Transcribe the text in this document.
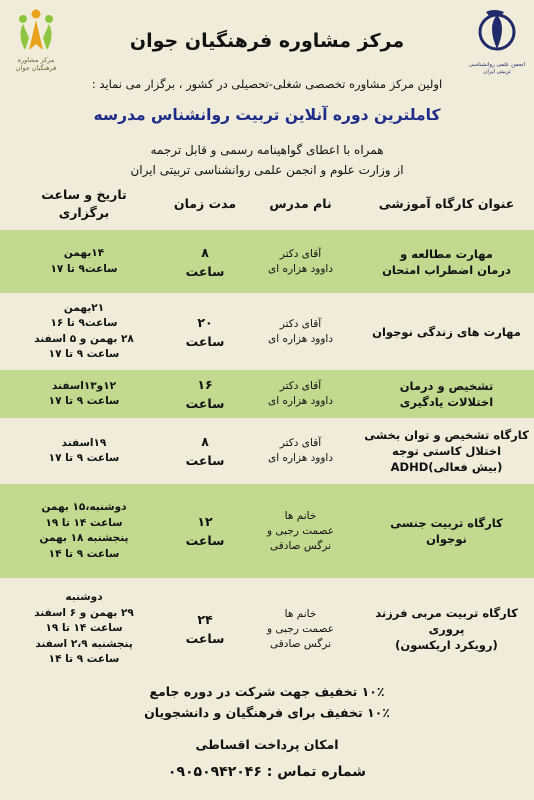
مرکز مشاوره فرهنگیان جوان	انجمن علمی روانشناسی تربیتی ایران
مرکز مشاوره فرهنگیان جوان
اولین مرکز مشاوره تخصصی شغلی-تحصیلی در کشور ، برگزار می نماید :
کاملترین دوره آنلاین تربیت روانشناس مدرسه
همراه با اعطای گواهینامه رسمی و قابل ترجمه
از وزارت علوم و انجمن علمی روانشناسی تربیتی ایران
عنوان کارگاه آموزشی
نام مدرس
مدت زمان
تاریخ و ساعت
برگزاری
مهارت مطالعه و
درمان اضطراب امتحان
آقای دکتر
داوود هزاره ای
۸
ساعت
۱۴بهمن
ساعت۹ تا ۱۷
مهارت های زندگی نوجوان
آقای دکتر
داوود هزاره ای
۲۰
ساعت
۲۱بهمن
ساعت۹ تا ۱۶
۲۸ بهمن و ۵ اسفند
ساعت ۹ تا ۱۷
تشخیص و درمان
اختلالات یادگیری
آقای دکتر
داوود هزاره ای
۱۶
ساعت
۱۲و۱۳اسفند
ساعت ۹ تا ۱۷
کارگاه تشخیص و توان بخشی
اختلال کاستی توجه
(بیش فعالی)ADHD
آقای دکتر
داوود هزاره ای
۸
ساعت
۱۹اسفند
ساعت ۹ تا ۱۷
کارگاه تربیت جنسی
نوجوان
خانم ها
عصمت رجبی و
نرگس صادقی
۱۲
ساعت
دوشنبه،۱۵ بهمن
ساعت ۱۴ تا ۱۹
پنجشنبه ۱۸ بهمن
ساعت ۹ تا ۱۴
کارگاه تربیت مربی فرزند
پروری
(رویکرد اریکسون)
خانم ها
عصمت رجبی و
نرگس صادقی
۲۴
ساعت
دوشنبه
۲۹ بهمن و ۶ اسفند
ساعت ۱۴ تا ۱۹
پنجشنبه ۲،۹ اسفند
ساعت ۹ تا ۱۴
۱۰٪ تخفیف جهت شرکت در دوره جامع
۱۰٪ تخفیف برای فرهنگیان و دانشجویان
امکان پرداخت اقساطی
شماره تماس : ۰۹۰۵۰۹۴۲۰۴۶
